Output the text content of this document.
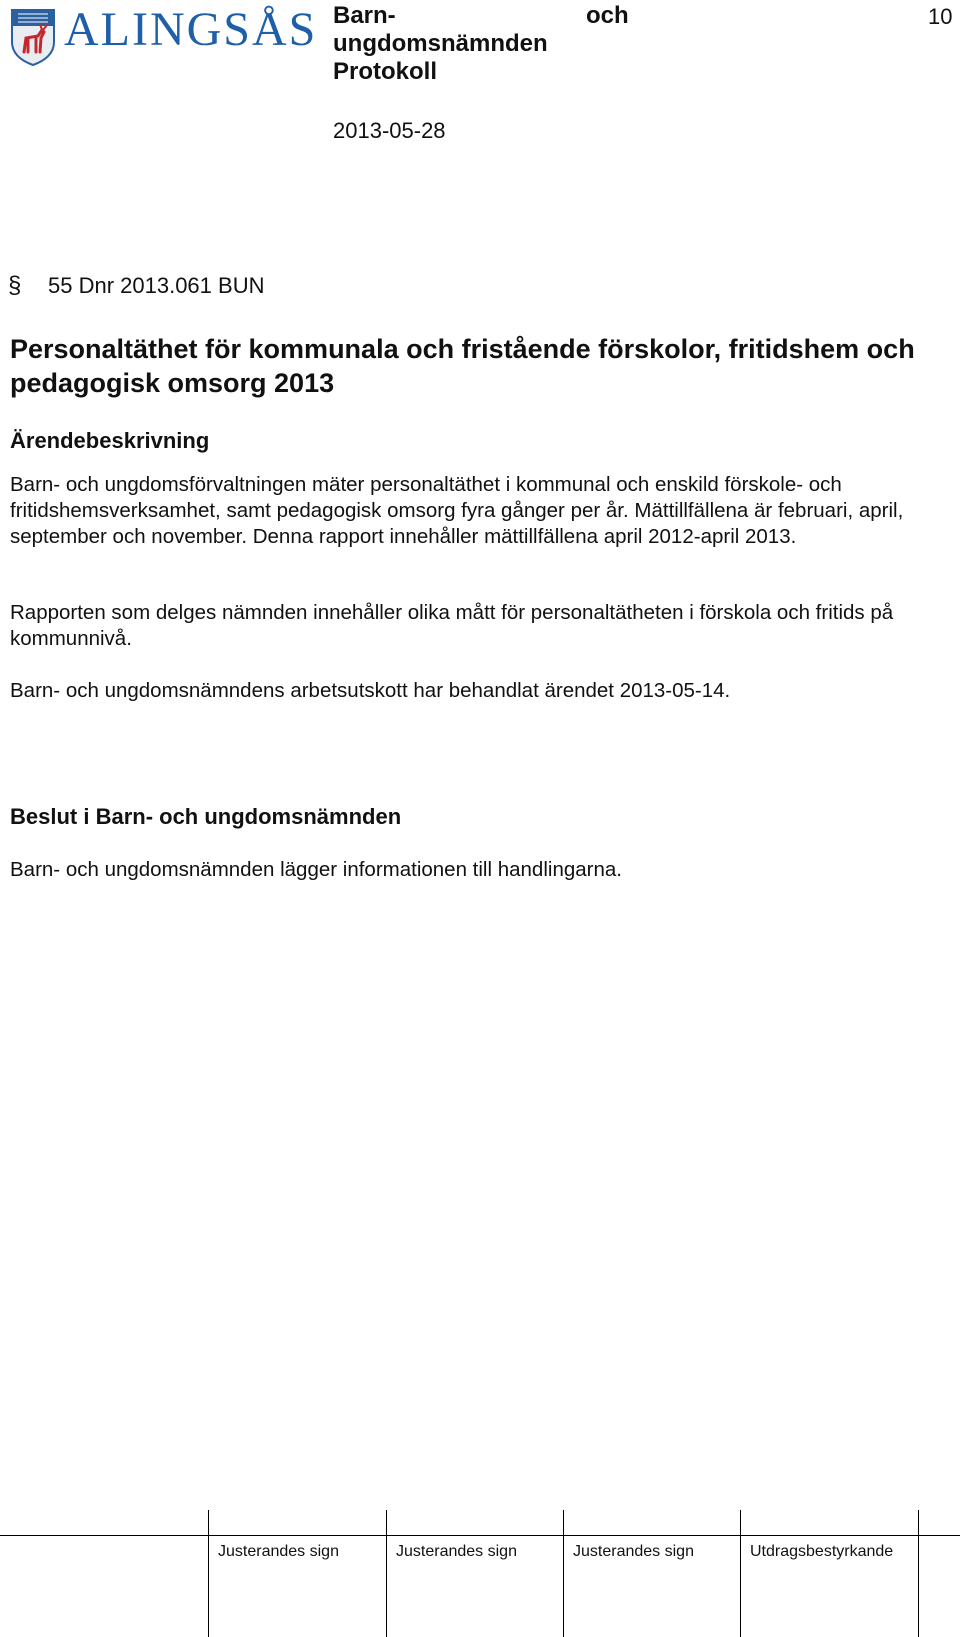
ALINGSÅS Barn-
ungdomsnämnden
Protokoll
och	10
2013-05-28
§ 55 Dnr 2013.061 BUN
Personaltäthet för kommunala och fristående förskolor, fritidshem och pedagogisk omsorg 2013
Ärendebeskrivning
Barn- och ungdomsförvaltningen mäter personaltäthet i kommunal och enskild förskole- och fritidshemsverksamhet, samt pedagogisk omsorg fyra gånger per år. Mättillfällena är februari, april, september och november. Denna rapport innehåller mättillfällena april 2012-april 2013.
Rapporten som delges nämnden innehåller olika mått för personaltätheten i förskola och fritids på kommunnivå.
Barn- och ungdomsnämndens arbetsutskott har behandlat ärendet 2013-05-14.
Beslut i Barn- och ungdomsnämnden
Barn- och ungdomsnämnden lägger informationen till handlingarna.
Justerandes sign	Justerandes sign	Justerandes sign	Utdragsbestyrkande
